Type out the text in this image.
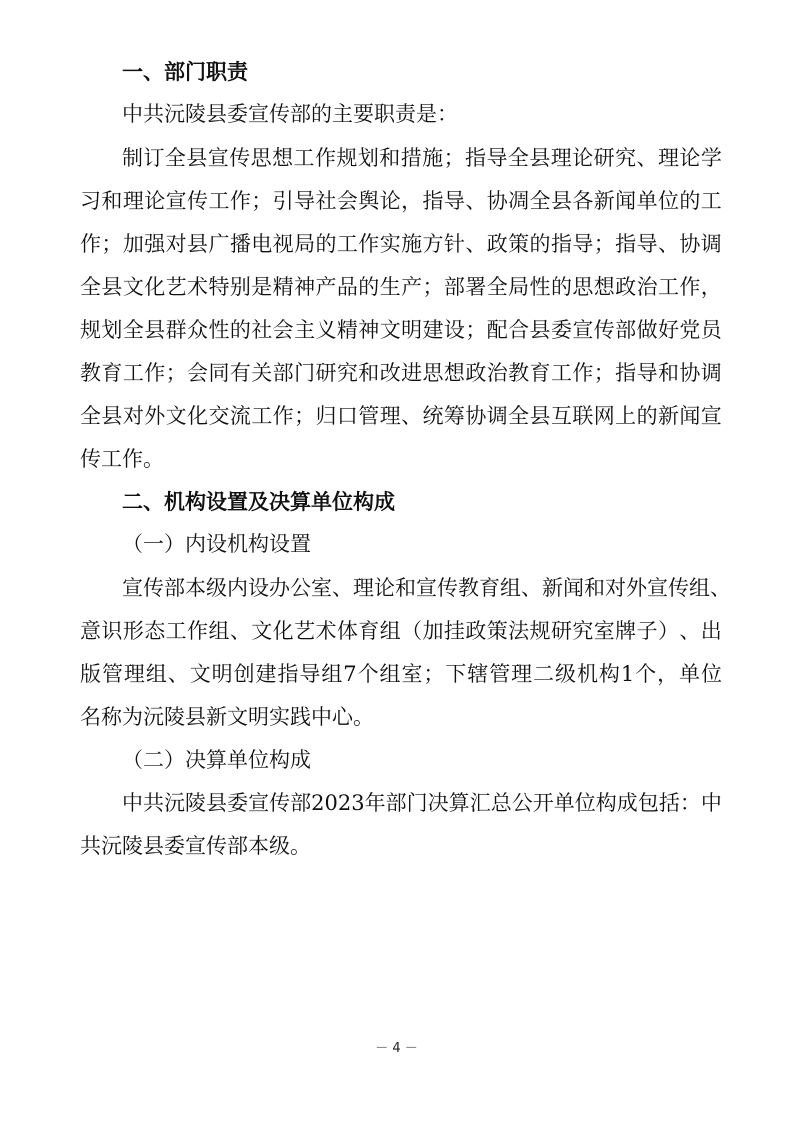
一、部门职责
中共沅陵县委宣传部的主要职责是：
制 订 全 县 宣 传 思 想 工 作 规 划 和 措 施 ； 指 导 全 县 理 论 研 究 、 理 论 学
习 和 理 论 宣 传 工 作 ； 引 导 社 会 舆 论 ， 指 导 、 协 凋 全 县 各 新 闻 单 位 的 工
作 ； 加 强 对 县 广 播 电 视 局 的 工 作 实 施 方 针 、 政 策 的 指 导 ； 指 导 、 协 调
全 县 文 化 艺 术 特 别 是 精 神 产 品 的 生 产 ； 部 署 全 局 性 的 思 想 政 治 工 作 ，
规 划 全 县 群 众 性 的 社 会 主 义 精 神 文 明 建 设 ； 配 合 县 委 宣 传 部 做 好 党 员
教 育 工 作 ； 会 同 有 关 部 门 研 究 和 改 进 思 想 政 治 教 育 工 作 ； 指 导 和 协 调
全 县 对 外 文 化 交 流 工 作 ； 归 口 管 理 、 统 筹 协 调 全 县 互 联 网 上 的 新 闻 宣
传工作。
二、机构设置及决算单位构成
（一）内设机构设置
宣 传 部 本 级 内 设 办 公 室 、 理 论 和 宣 传 教 育 组 、 新 闻 和 对 外 宣 传 组 、
意 识 形 态 工 作 组 、 文 化 艺 术 体 育 组 （ 加 挂 政 策 法 规 研 究 室 牌 子 ） 、 出
版 管 理 组 、 文 明 创 建 指 导 组 7 个 组 室 ； 下 辖 管 理 二 级 机 构 1 个 ， 单 位
名称为沅陵县新文明实践中心。
（二）决算单位构成
中 共 沅 陵 县 委 宣 传 部 2023 年 部 门 决 算 汇 总 公 开 单 位 构 成 包 括 ： 中
共沅陵县委宣传部本级。
－ 4 －
